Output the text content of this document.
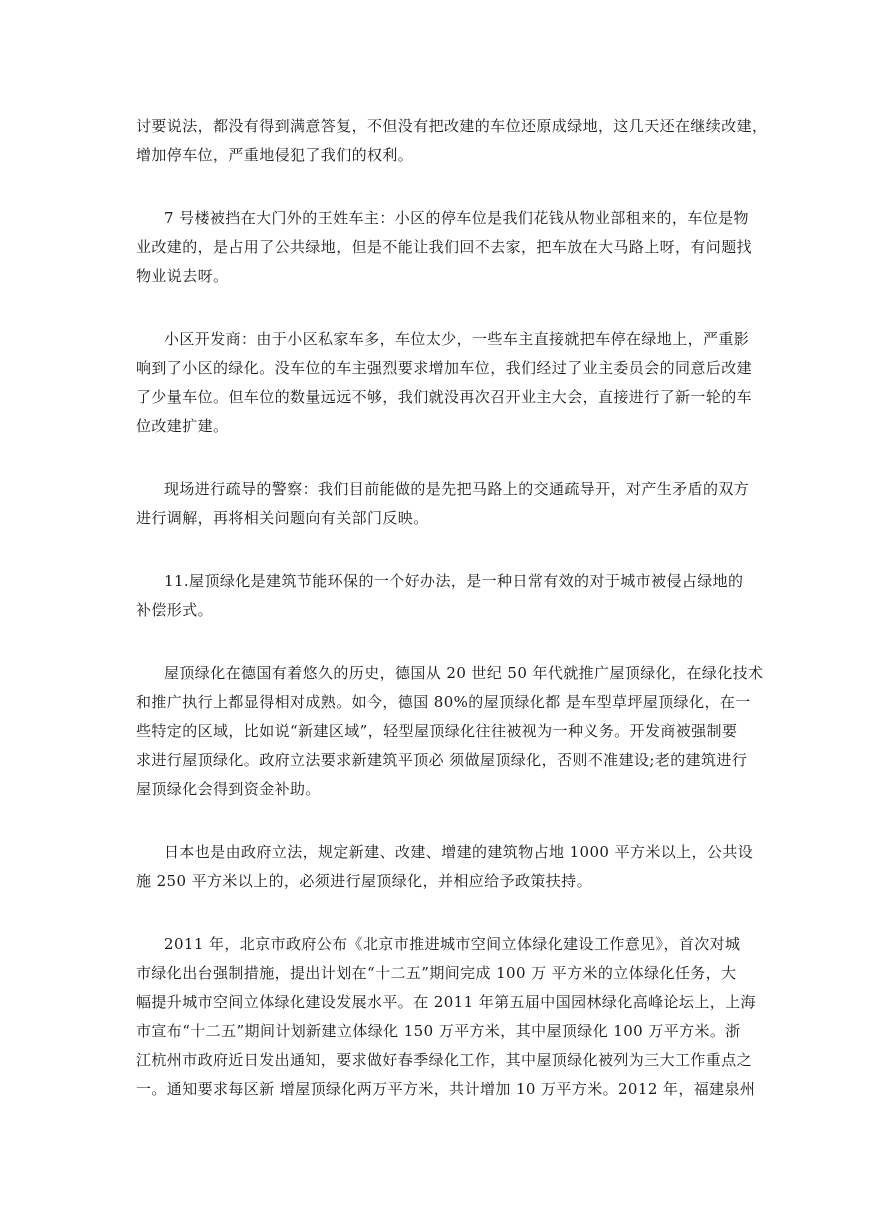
讨要说法，都没有得到满意答复，不但没有把改建的车位还原成绿地，这几天还在继续改建，
增加停车位，严重地侵犯了我们的权利。
7 号楼被挡在大门外的王姓车主：小区的停车位是我们花钱从物业部租来的，车位是物
业改建的，是占用了公共绿地，但是不能让我们回不去家，把车放在大马路上呀，有问题找
物业说去呀。
小区开发商：由于小区私家车多，车位太少，一些车主直接就把车停在绿地上，严重影
响到了小区的绿化。没车位的车主强烈要求增加车位，我们经过了业主委员会的同意后改建
了少量车位。但车位的数量远远不够，我们就没再次召开业主大会，直接进行了新一轮的车
位改建扩建。
现场进行疏导的警察：我们目前能做的是先把马路上的交通疏导开，对产生矛盾的双方
进行调解，再将相关问题向有关部门反映。
11.屋顶绿化是建筑节能环保的一个好办法，是一种日常有效的对于城市被侵占绿地的
补偿形式。
屋顶绿化在德国有着悠久的历史，德国从 20 世纪 50 年代就推广屋顶绿化，在绿化技术
和推广执行上都显得相对成熟。如今，德国 80%的屋顶绿化都 是车型草坪屋顶绿化，在一
些特定的区域，比如说“新建区域”，轻型屋顶绿化往往被视为一种义务。开发商被强制要
求进行屋顶绿化。政府立法要求新建筑平顶必 须做屋顶绿化，否则不准建设;老的建筑进行
屋顶绿化会得到资金补助。
日本也是由政府立法，规定新建、改建、增建的建筑物占地 1000 平方米以上，公共设
施 250 平方米以上的，必须进行屋顶绿化，并相应给予政策扶持。
2011 年，北京市政府公布《北京市推进城市空间立体绿化建设工作意见》，首次对城
市绿化出台强制措施，提出计划在“十二五”期间完成 100 万 平方米的立体绿化任务，大
幅提升城市空间立体绿化建设发展水平。在 2011 年第五届中国园林绿化高峰论坛上，上海
市宣布“十二五”期间计划新建立体绿化 150 万平方米，其中屋顶绿化 100 万平方米。浙
江杭州市政府近日发出通知，要求做好春季绿化工作，其中屋顶绿化被列为三大工作重点之
一。通知要求每区新 增屋顶绿化两万平方米，共计增加 10 万平方米。2012 年，福建泉州
